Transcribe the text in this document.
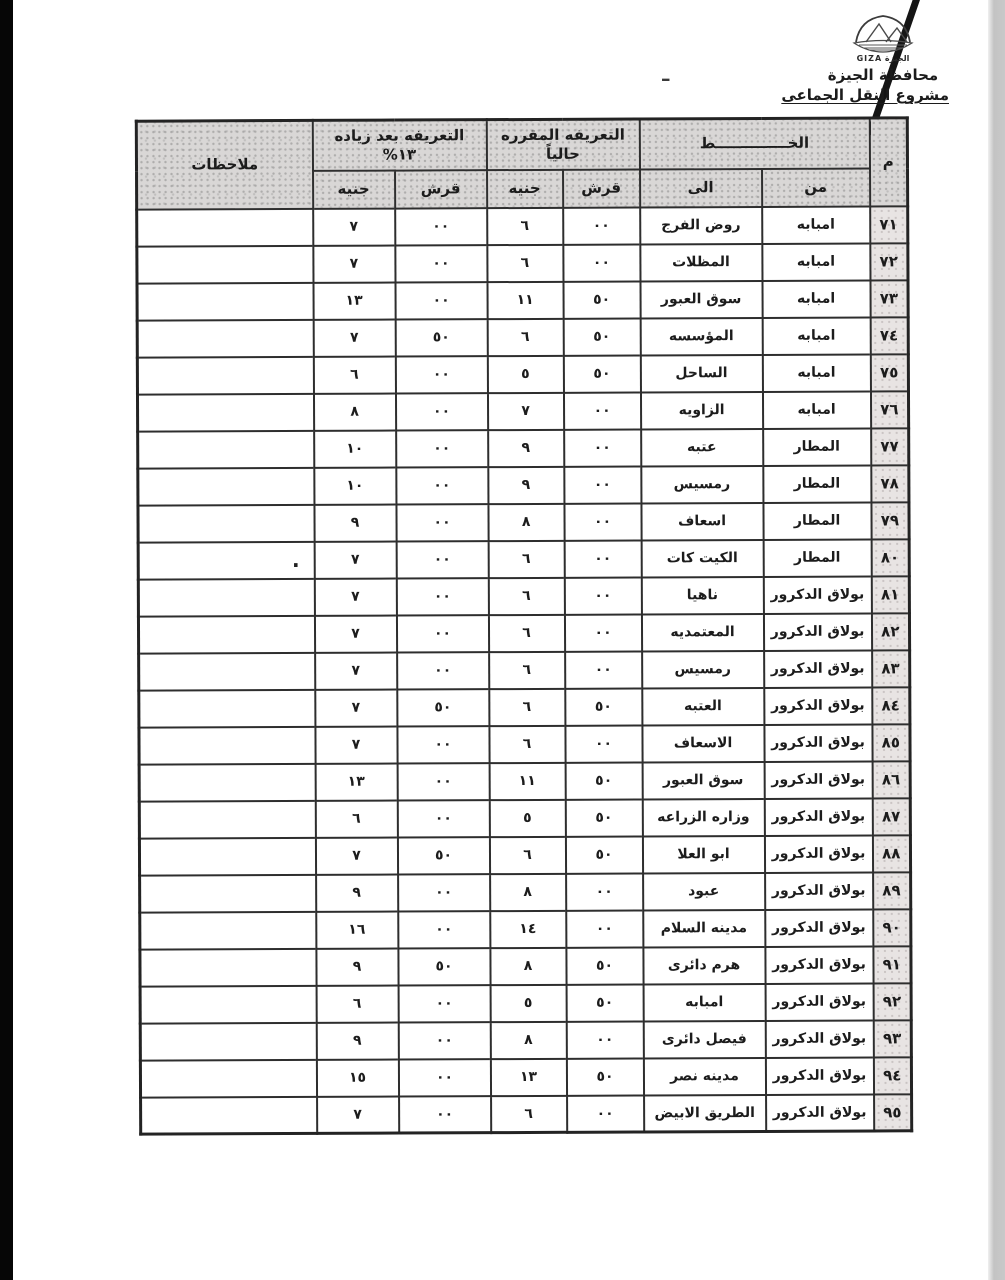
–
.
الجيزة GIZA
محافظة الجيزة
مشروع النقل الجماعى
م	الخــــــــــــــط	
التعريفه المقرره
حالياً

التعريفه بعد زياده
١٣%
	ملاحظات
	من	الى	قرش	جنيه	قرش	جنيه	
٧١	امبابه	روض الفرج	٠٠	٦	٠٠	٧	
٧٢	امبابه	المظلات	٠٠	٦	٠٠	٧	
٧٣	امبابه	سوق العبور	٥٠	١١	٠٠	١٣	
٧٤	امبابه	المؤسسه	٥٠	٦	٥٠	٧	
٧٥	امبابه	الساحل	٥٠	٥	٠٠	٦	
٧٦	امبابه	الزاويه	٠٠	٧	٠٠	٨	
٧٧	المطار	عتبه	٠٠	٩	٠٠	١٠	
٧٨	المطار	رمسيس	٠٠	٩	٠٠	١٠	
٧٩	المطار	اسعاف	٠٠	٨	٠٠	٩	
٨٠	المطار	الكيت كات	٠٠	٦	٠٠	٧	
٨١	بولاق الدكرور	ناهيا	٠٠	٦	٠٠	٧	
٨٢	بولاق الدكرور	المعتمديه	٠٠	٦	٠٠	٧	
٨٣	بولاق الدكرور	رمسيس	٠٠	٦	٠٠	٧	
٨٤	بولاق الدكرور	العتبه	٥٠	٦	٥٠	٧	
٨٥	بولاق الدكرور	الاسعاف	٠٠	٦	٠٠	٧	
٨٦	بولاق الدكرور	سوق العبور	٥٠	١١	٠٠	١٣	
٨٧	بولاق الدكرور	وزاره الزراعه	٥٠	٥	٠٠	٦	
٨٨	بولاق الدكرور	ابو العلا	٥٠	٦	٥٠	٧	
٨٩	بولاق الدكرور	عبود	٠٠	٨	٠٠	٩	
٩٠	بولاق الدكرور	مدينه السلام	٠٠	١٤	٠٠	١٦	
٩١	بولاق الدكرور	هرم دائرى	٥٠	٨	٥٠	٩	
٩٢	بولاق الدكرور	امبابه	٥٠	٥	٠٠	٦	
٩٣	بولاق الدكرور	فيصل دائرى	٠٠	٨	٠٠	٩	
٩٤	بولاق الدكرور	مدينه نصر	٥٠	١٣	٠٠	١٥	
٩٥	بولاق الدكرور	الطريق الابيض	٠٠	٦	٠٠	٧	
